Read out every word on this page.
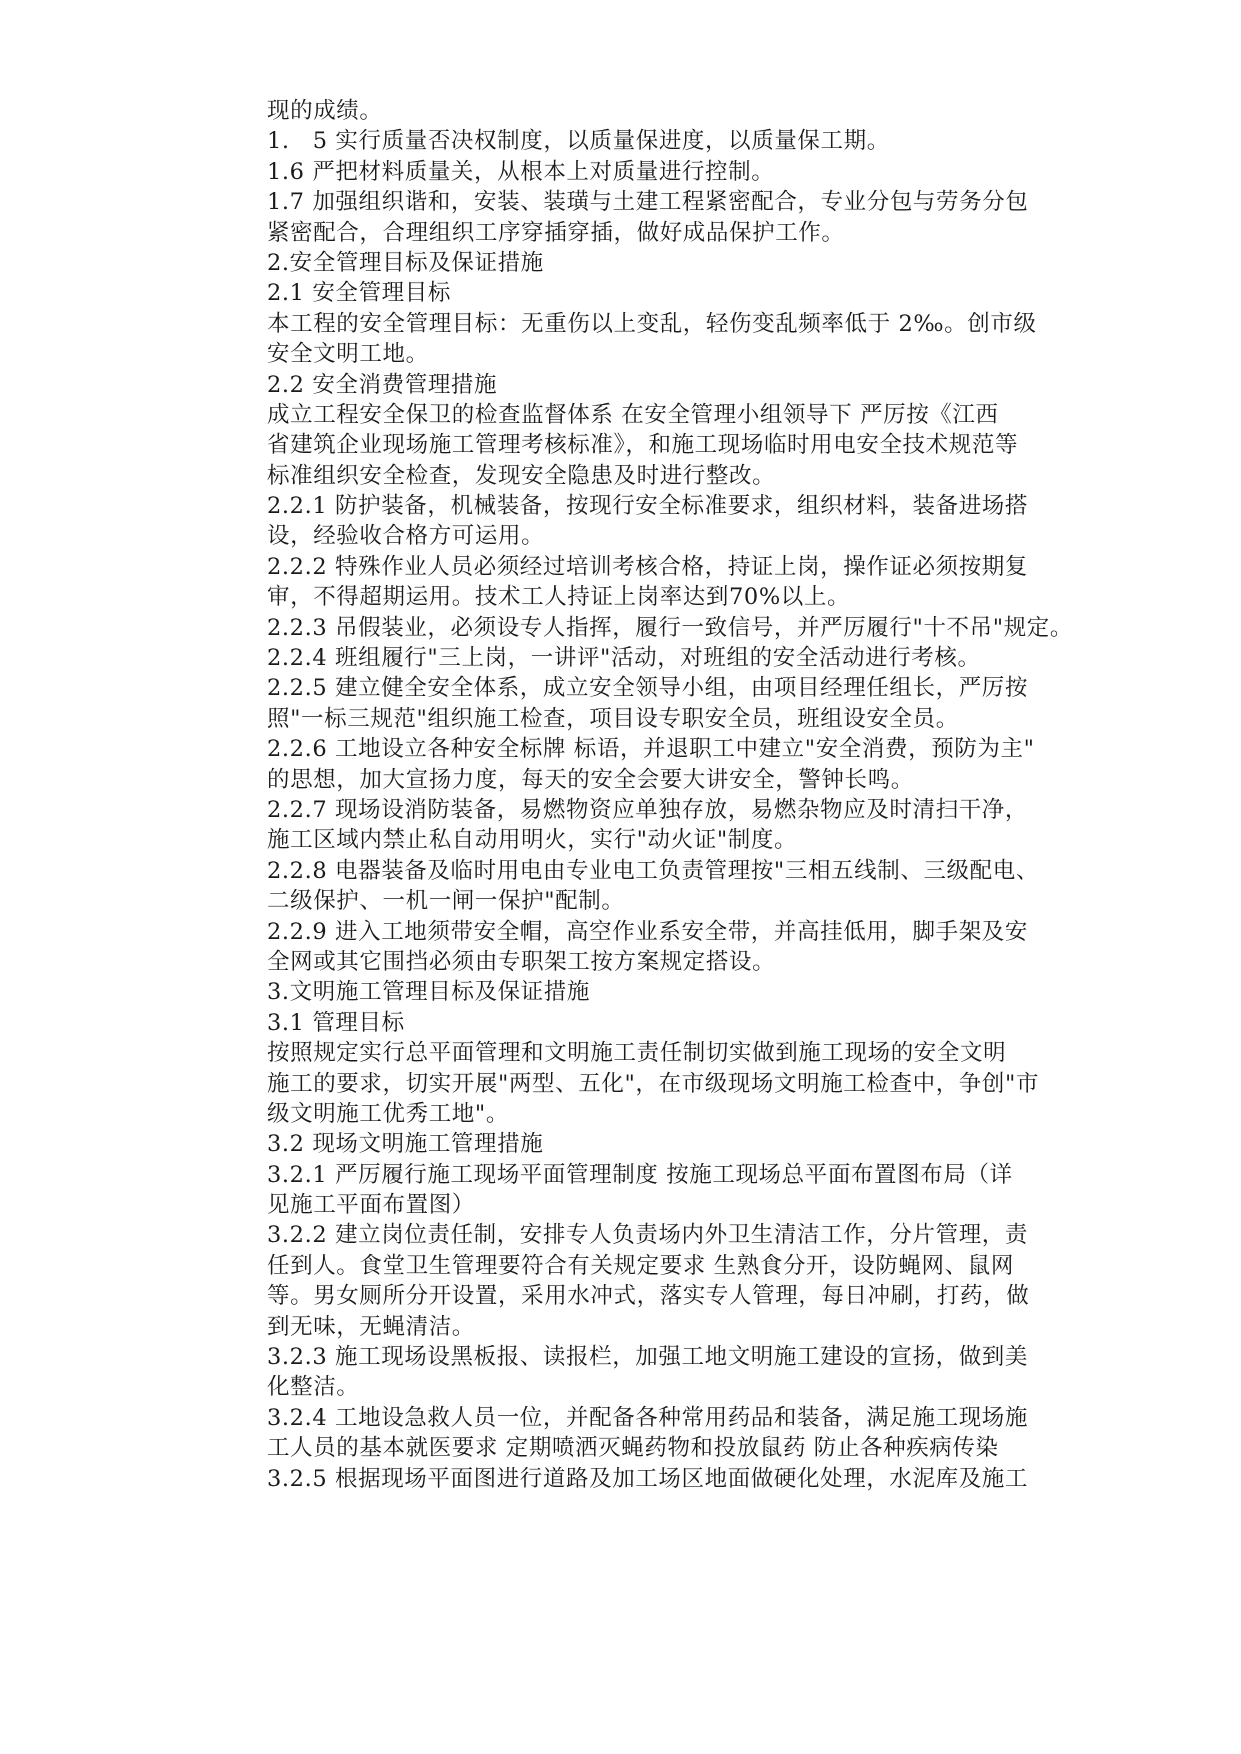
现的成绩。
1.　5 实行质量否决权制度，以质量保进度，以质量保工期。
1.6 严把材料质量关，从根本上对质量进行控制。
1.7 加强组织谐和，安装、装璜与土建工程紧密配合，专业分包与劳务分包
紧密配合，合理组织工序穿插穿插，做好成品保护工作。
2.安全管理目标及保证措施
2.1 安全管理目标
本工程的安全管理目标：无重伤以上变乱，轻伤变乱频率低于 2‰。创市级
安全文明工地。
2.2 安全消费管理措施
成立工程安全保卫的检查监督体系 在安全管理小组领导下 严厉按《江西
省建筑企业现场施工管理考核标准》，和施工现场临时用电安全技术规范等
标准组织安全检查，发现安全隐患及时进行整改。
2.2.1 防护装备，机械装备，按现行安全标准要求，组织材料，装备进场搭
设，经验收合格方可运用。
2.2.2 特殊作业人员必须经过培训考核合格，持证上岗，操作证必须按期复
审，不得超期运用。技术工人持证上岗率达到70%以上。
2.2.3 吊假装业，必须设专人指挥，履行一致信号，并严厉履行"十不吊"规定。
2.2.4 班组履行"三上岗，一讲评"活动，对班组的安全活动进行考核。
2.2.5 建立健全安全体系，成立安全领导小组，由项目经理任组长，严厉按
照"一标三规范"组织施工检查，项目设专职安全员，班组设安全员。
2.2.6 工地设立各种安全标牌 标语，并退职工中建立"安全消费，预防为主"
的思想，加大宣扬力度，每天的安全会要大讲安全，警钟长鸣。
2.2.7 现场设消防装备，易燃物资应单独存放，易燃杂物应及时清扫干净，
施工区域内禁止私自动用明火，实行"动火证"制度。
2.2.8 电器装备及临时用电由专业电工负责管理按"三相五线制、三级配电、
二级保护、一机一闸一保护"配制。
2.2.9 进入工地须带安全帽，高空作业系安全带，并高挂低用，脚手架及安
全网或其它围挡必须由专职架工按方案规定搭设。
3.文明施工管理目标及保证措施
3.1 管理目标
按照规定实行总平面管理和文明施工责任制切实做到施工现场的安全文明
施工的要求，切实开展"两型、五化"，在市级现场文明施工检查中，争创"市
级文明施工优秀工地"。
3.2 现场文明施工管理措施
3.2.1 严厉履行施工现场平面管理制度 按施工现场总平面布置图布局（详
见施工平面布置图）
3.2.2 建立岗位责任制，安排专人负责场内外卫生清洁工作，分片管理，责
任到人。食堂卫生管理要符合有关规定要求 生熟食分开，设防蝇网、鼠网
等。男女厕所分开设置，采用水冲式，落实专人管理，每日冲刷，打药，做
到无味，无蝇清洁。
3.2.3 施工现场设黑板报、读报栏，加强工地文明施工建设的宣扬，做到美
化整洁。
3.2.4 工地设急救人员一位，并配备各种常用药品和装备，满足施工现场施
工人员的基本就医要求 定期喷洒灭蝇药物和投放鼠药 防止各种疾病传染
3.2.5 根据现场平面图进行道路及加工场区地面做硬化处理，水泥库及施工
